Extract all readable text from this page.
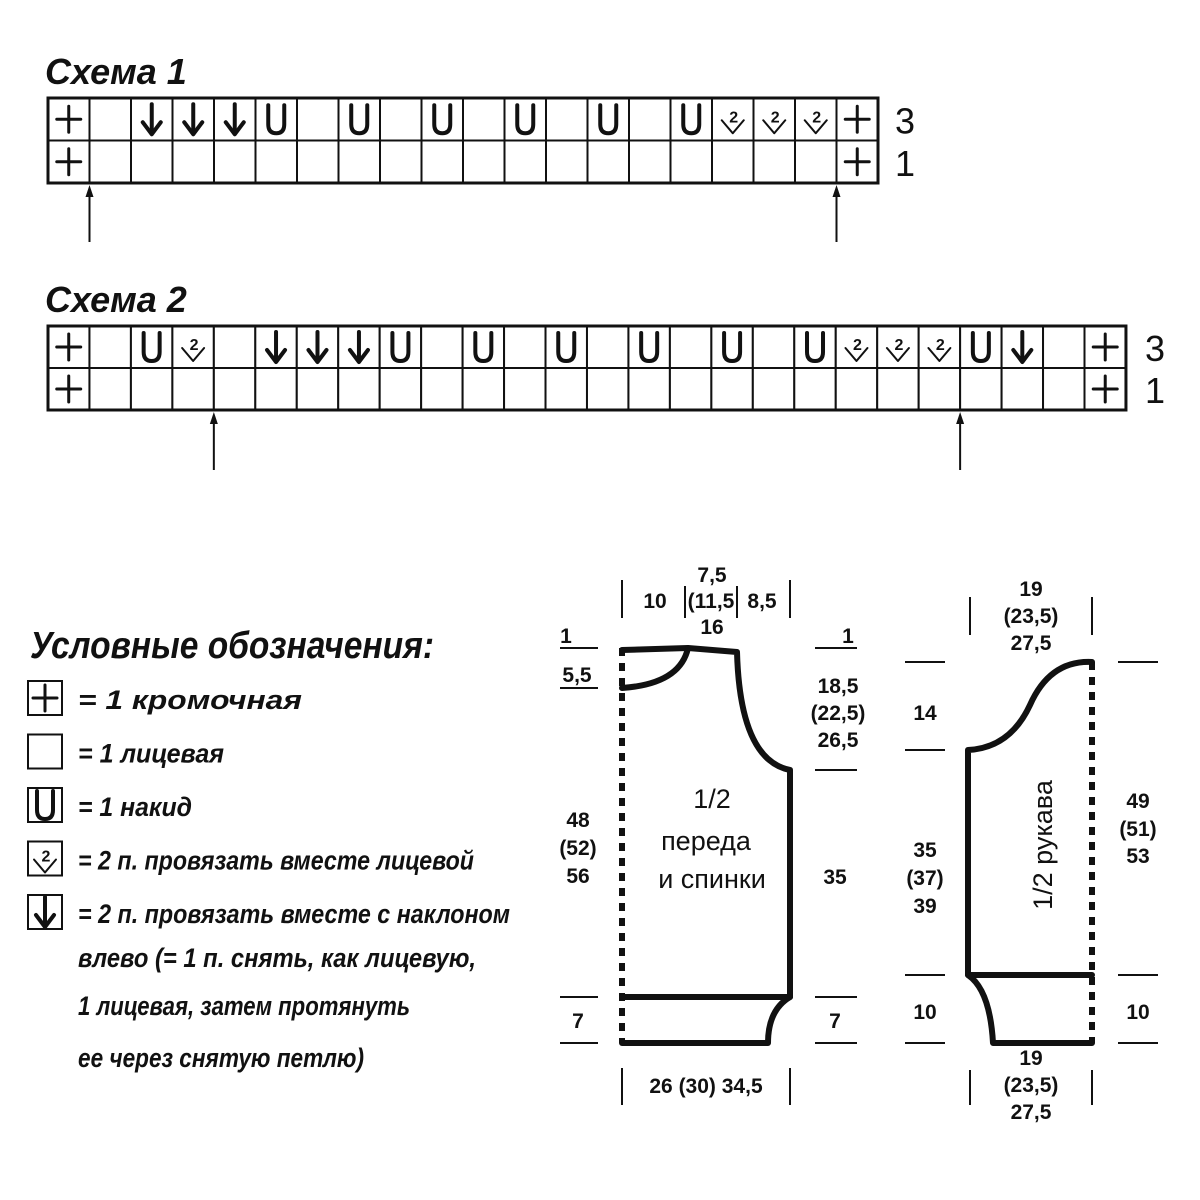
Схема 1
Схема 2
2 2 2 3
1
2	2 2 2	3
1
Условные обозначения:
= 1 кромочная
= 1 лицевая
= 1 накид
2 = 2 п. провязать вместе лицевой
= 2 п. провязать вместе с наклоном
влево (= 1 п. снять, как лицевую,
1 лицевая, затем протянуть
ее через снятую петлю)
10
7,5
(11,5
16
8,5
1
5,5
48
(52)
56
7
1
18,5
(22,5)
26,5
35
7
26 (30) 34,5
1/2
переда
и спинки
19
(23,5)
27,5
14
35
(37)
39
10
49
(51)
53
10
19
(23,5)
27,5
1/2 рукава
